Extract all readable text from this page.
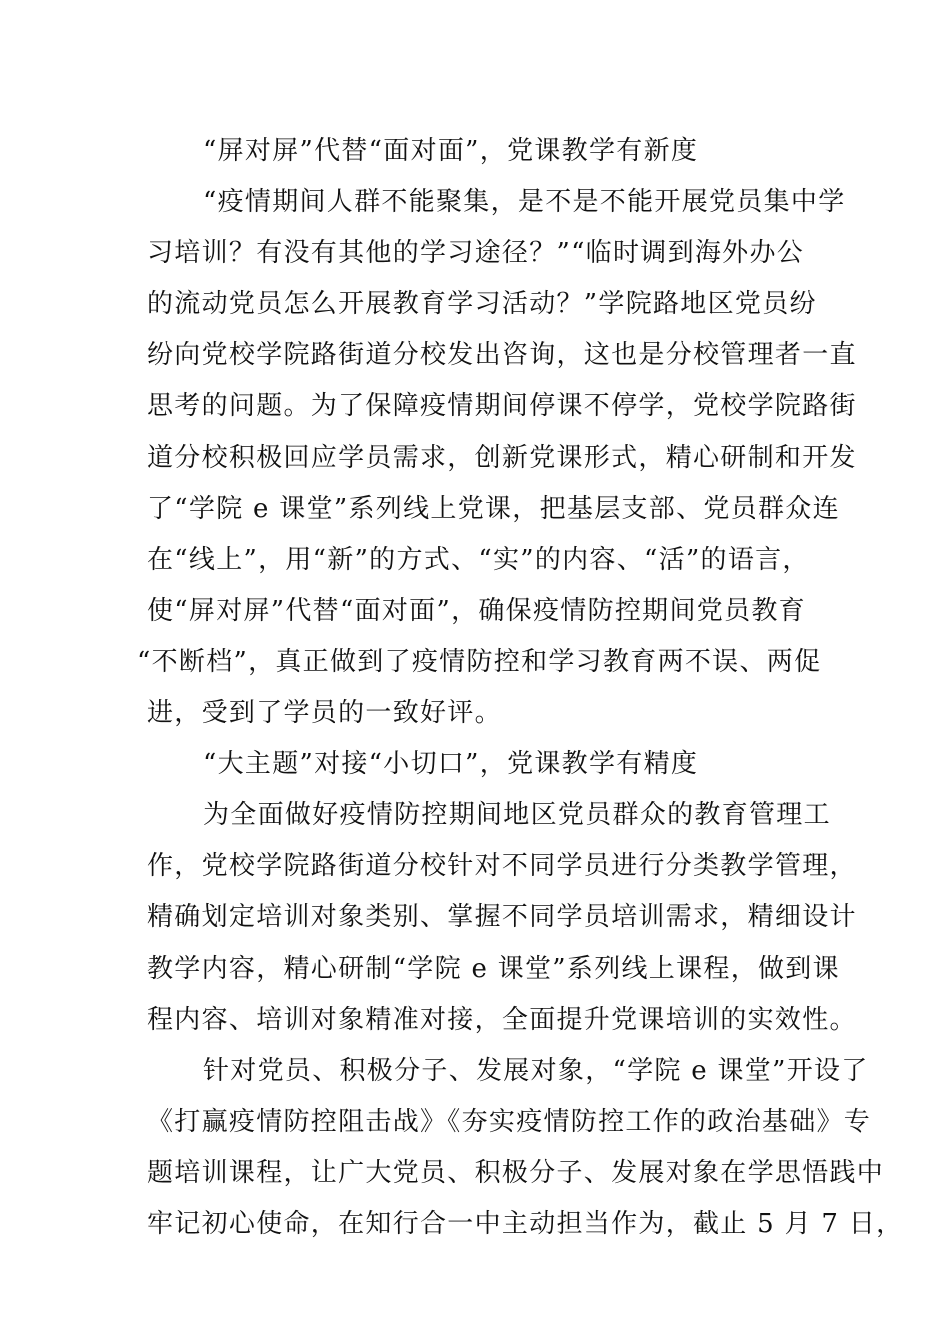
“屏对屏”代替“面对面”，党课教学有新度
“疫情期间人群不能聚集，是不是不能开展党员集中学
习培训？有没有其他的学习途径？”“临时调到海外办公
的流动党员怎么开展教育学习活动？”学院路地区党员纷
纷向党校学院路街道分校发出咨询，这也是分校管理者一直
思考的问题。为了保障疫情期间停课不停学，党校学院路街
道分校积极回应学员需求，创新党课形式，精心研制和开发
了“学院 e 课堂”系列线上党课，把基层支部、党员群众连
在“线上”，用“新”的方式、“实”的内容、“活”的语言，
使“屏对屏”代替“面对面”，确保疫情防控期间党员教育
“不断档”，真正做到了疫情防控和学习教育两不误、两促
进，受到了学员的一致好评。
“大主题”对接“小切口”，党课教学有精度
为全面做好疫情防控期间地区党员群众的教育管理工
作，党校学院路街道分校针对不同学员进行分类教学管理，
精确划定培训对象类别、掌握不同学员培训需求，精细设计
教学内容，精心研制“学院 e 课堂”系列线上课程，做到课
程内容、培训对象精准对接，全面提升党课培训的实效性。
针对党员、积极分子、发展对象，“学院 e 课堂”开设了
《打赢疫情防控阻击战》《夯实疫情防控工作的政治基础》专
题培训课程，让广大党员、积极分子、发展对象在学思悟践中
牢记初心使命，在知行合一中主动担当作为，截止 5 月 7 日，
